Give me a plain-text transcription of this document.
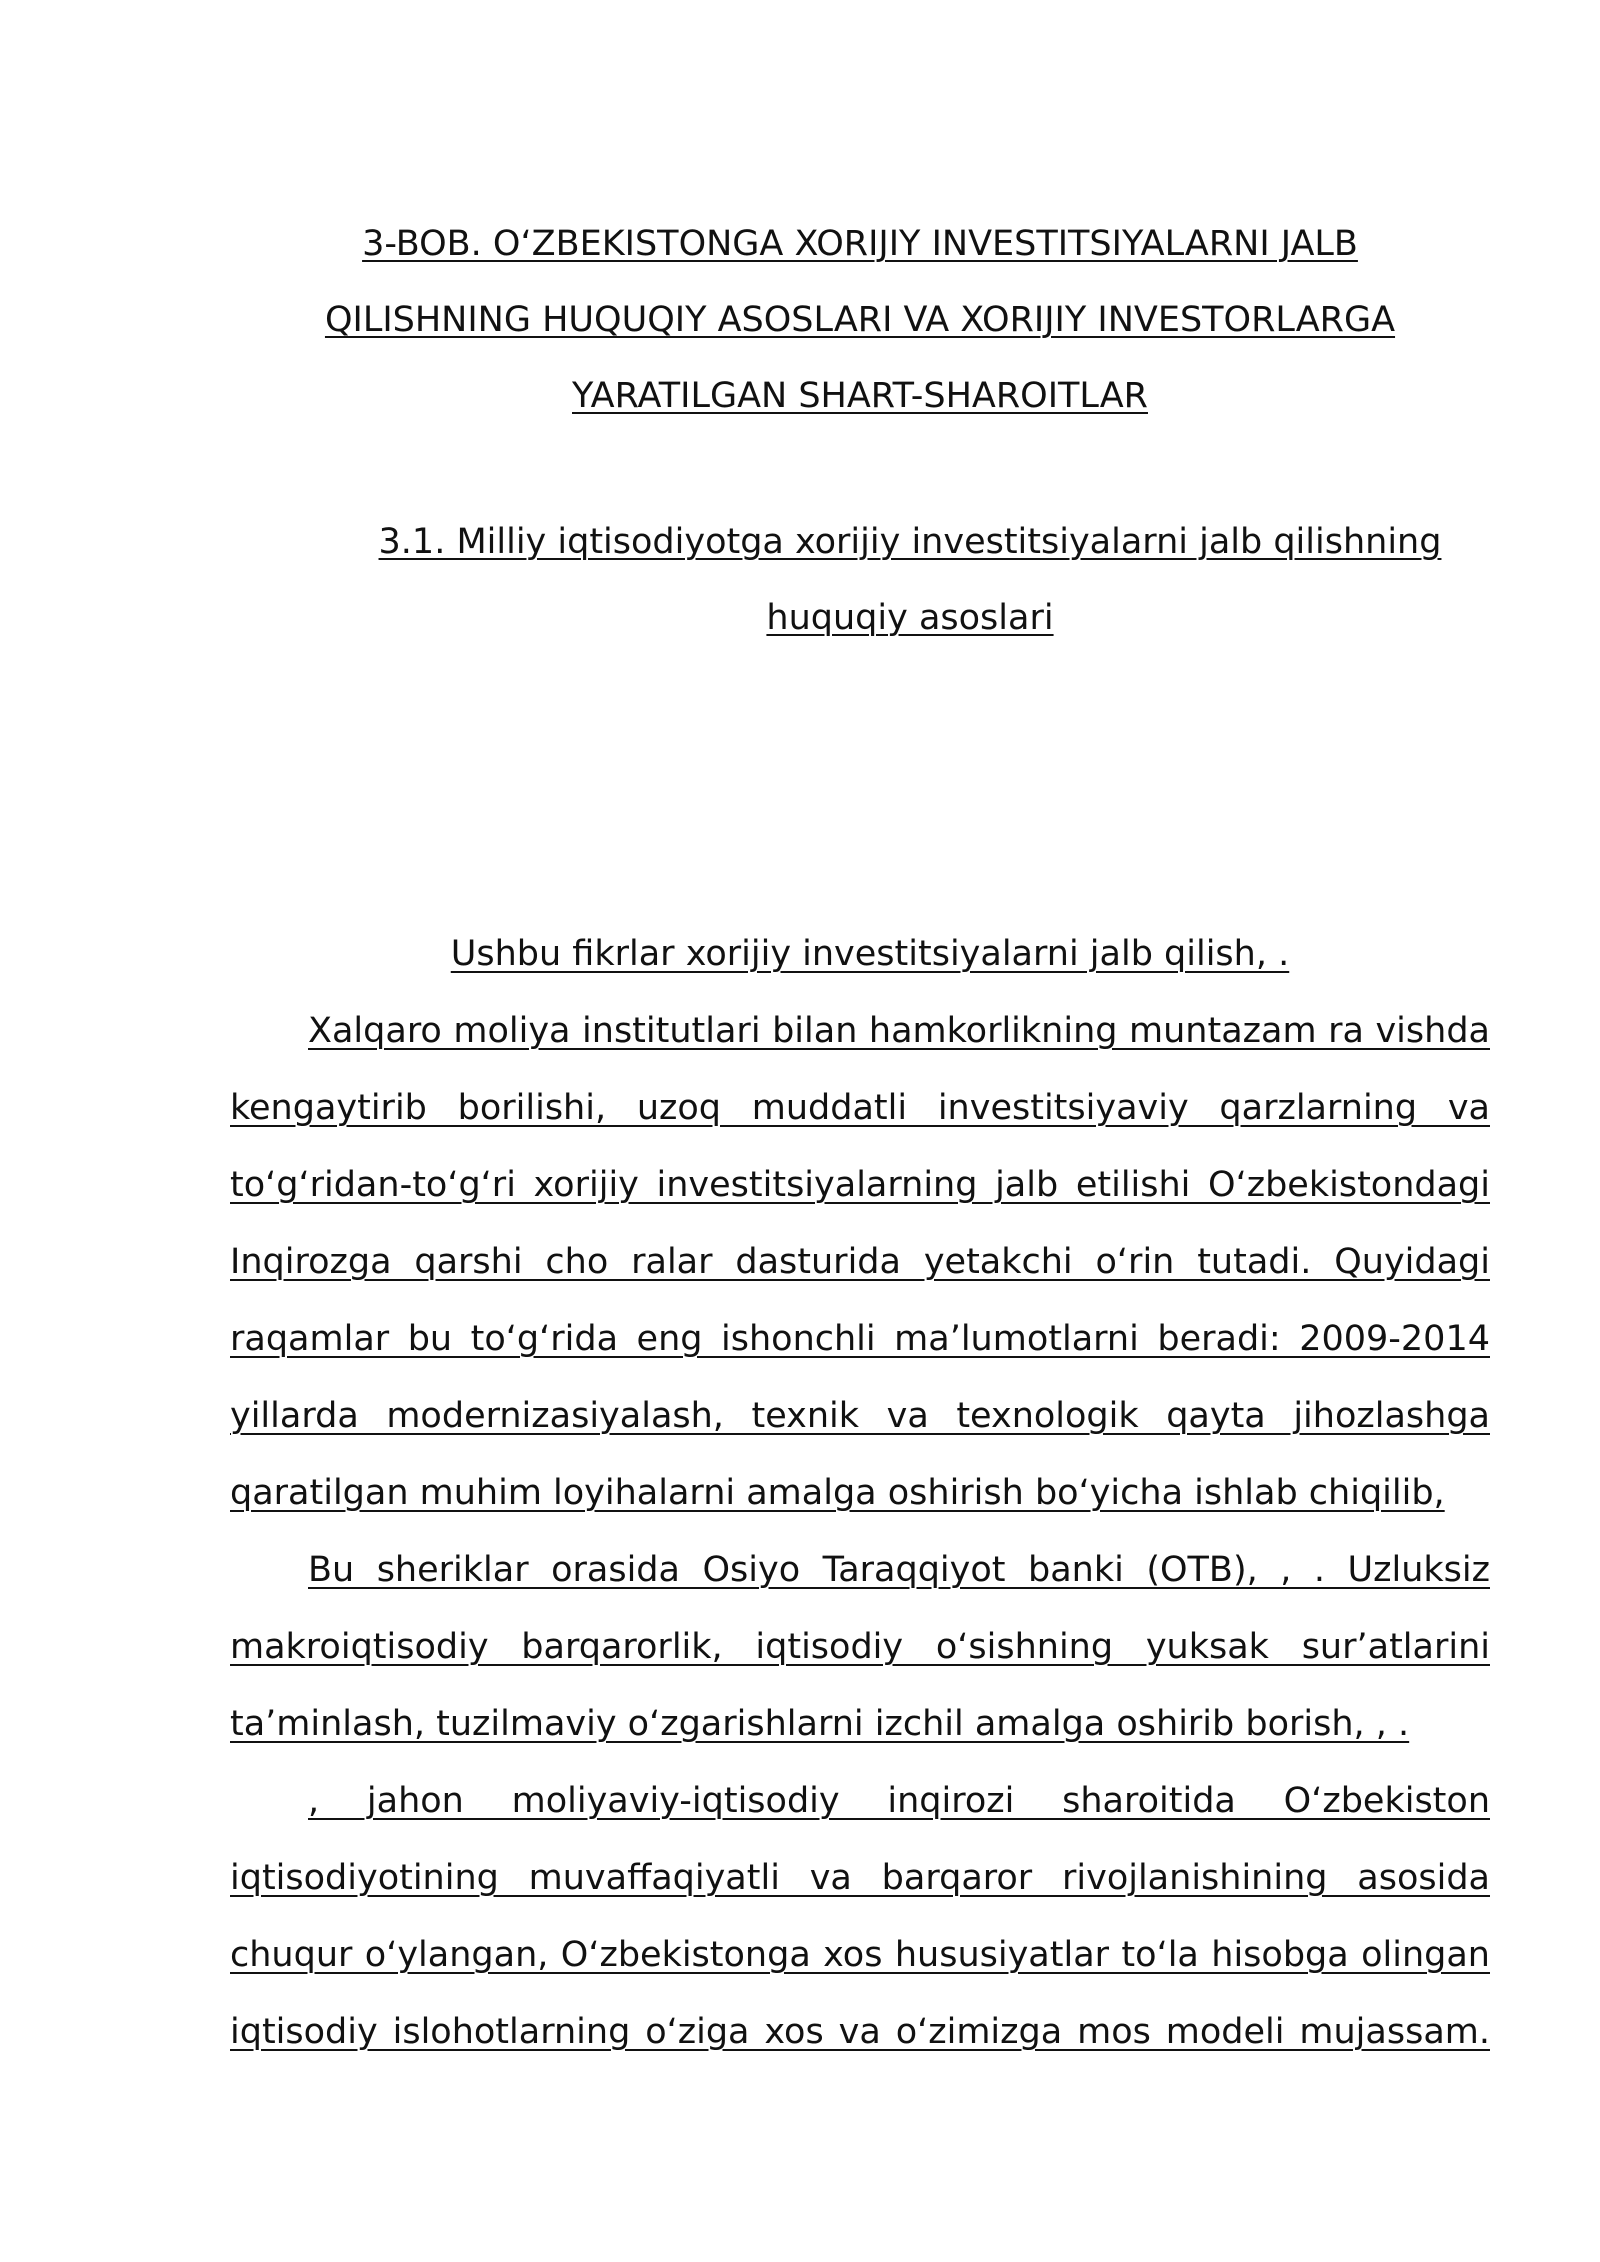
3-BOB. O‘ZBEKISTONGA XORIJIY INVESTITSIYALARNI JALB
QILISHNING HUQUQIY ASOSLARI VA XORIJIY INVESTORLARGA
YARATILGAN SHART-SHAROITLAR
3.1. Milliy iqtisodiyotga xorijiy investitsiyalarni jalb qilishning
huquqiy asoslari

Ushbu fikrlar xorijiy investitsiyalarni jalb qilish, .

Xalqaro moliya institutlari bilan hamkorlikning muntazam ra vishda kengaytirib borilishi, uzoq muddatli investitsiyaviy qarzlarning va to‘g‘ridan-to‘g‘ri xorijiy investitsiyalarning jalb etilishi O‘zbekistondagi Inqirozga qarshi cho ralar dasturida yetakchi o‘rin tutadi. Quyidagi raqamlar bu to‘g‘rida eng ishonchli ma’lumotlarni beradi: 2009-2014 yillarda modernizasiyalash, texnik va texnologik qayta jihozlashga qaratilgan muhim loyihalarni amalga oshirish bo‘yicha ishlab chiqilib,

Bu sheriklar orasida Osiyo Taraqqiyot banki (OTB), , . Uzluksiz makroiqtisodiy barqarorlik, iqtisodiy o‘sishning yuksak sur’atlarini ta’minlash, tuzilmaviy o‘zgarishlarni izchil amalga oshirib borish, , .

, jahon moliyaviy-iqtisodiy inqirozi sharoitida O‘zbekiston iqtisodiyotining muvaffaqiyatli va barqaror rivojlanishining asosida chuqur o‘ylangan, O‘zbekistonga xos hususiyatlar to‘la hisobga olingan iqtisodiy islohotlarning o‘ziga xos va o‘zimizga mos modeli mujassam.
